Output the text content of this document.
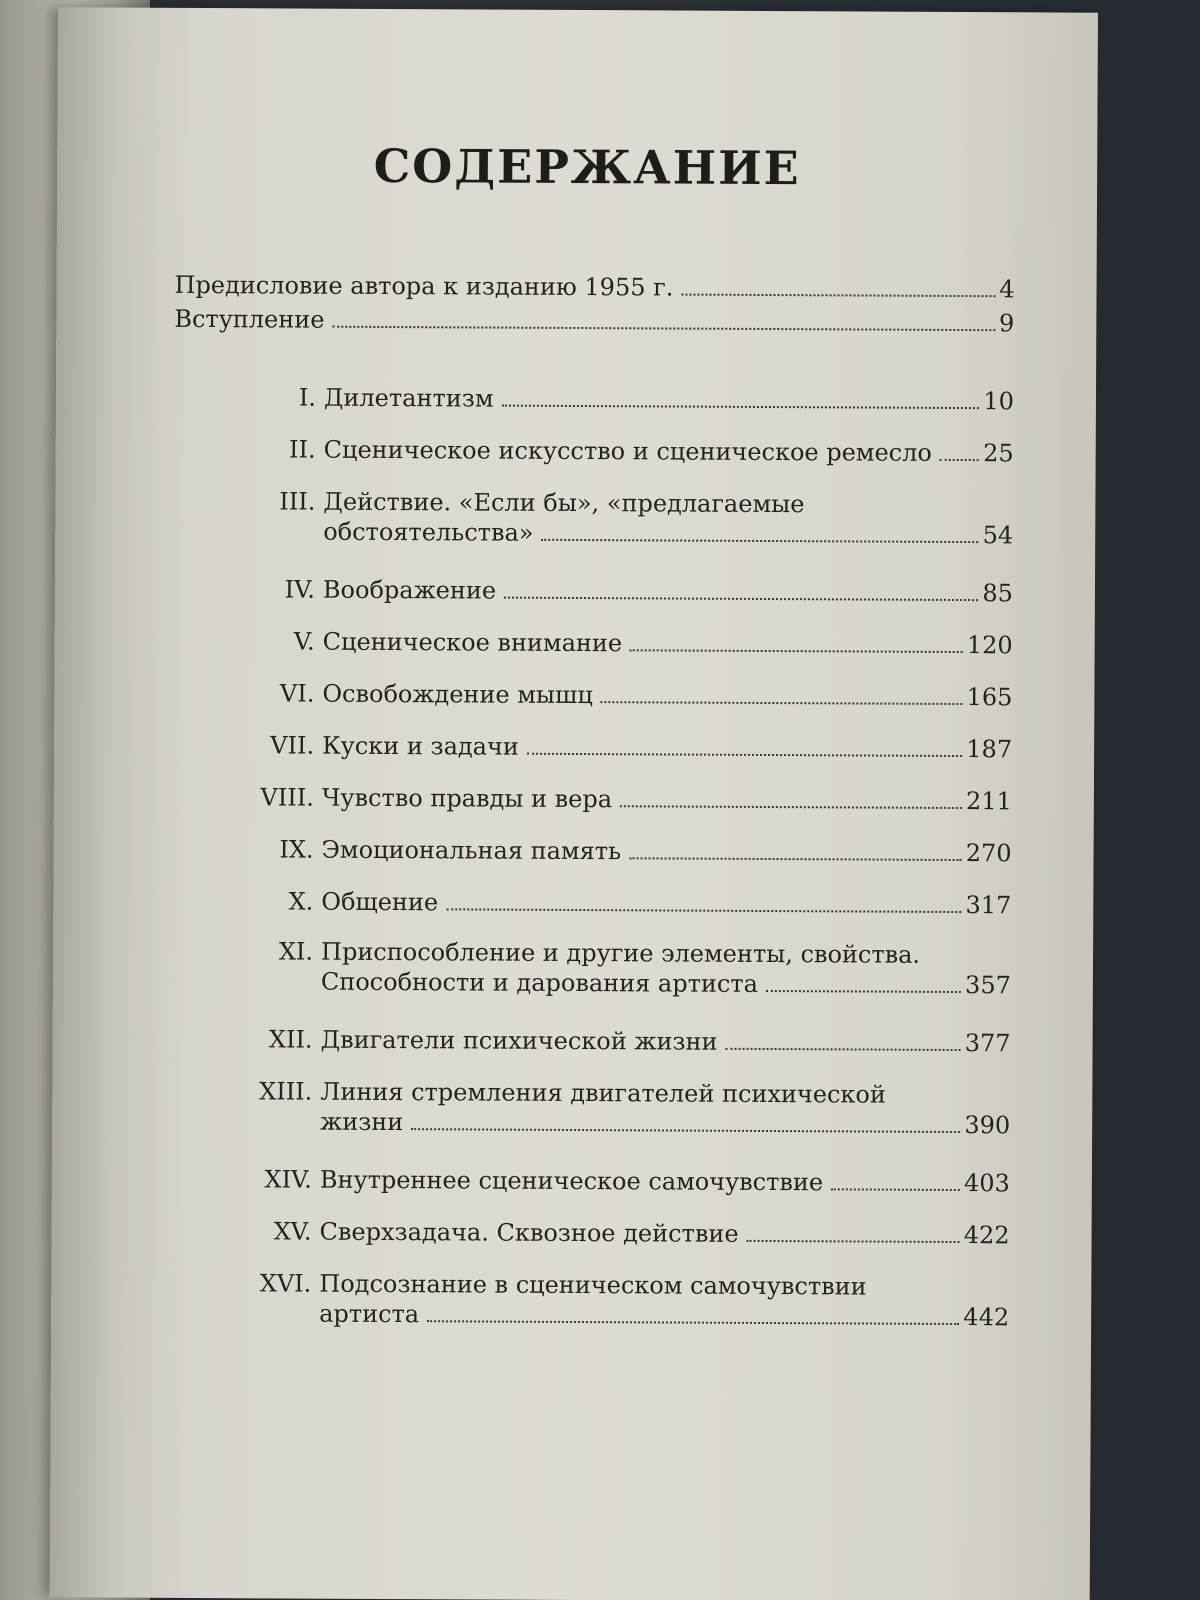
СОДЕРЖАНИЕ
Предисловие автора к изданию 1955 г.	4
Вступление	9
I. Дилетантизм	10
II. Сценическое искусство и сценическое ремесло 25
III. Действие. «Если бы», «предлагаемые
обстоятельства»	54
IV. Воображение	85
V. Сценическое внимание	120
VI. Освобождение мышц	165
VII. Куски и задачи	187
VIII. Чувство правды и вера	211
IX. Эмоциональная память	270
X. Общение	317
XI. Приспособление и другие элементы, свойства.
Способности и дарования артиста	357
XII. Двигатели психической жизни	377
XIII. Линия стремления двигателей психической
жизни	390
XIV. Внутреннее сценическое самочувствие	403
XV. Сверхзадача. Сквозное действие	422
XVI. Подсознание в сценическом самочувствии
артиста	442
